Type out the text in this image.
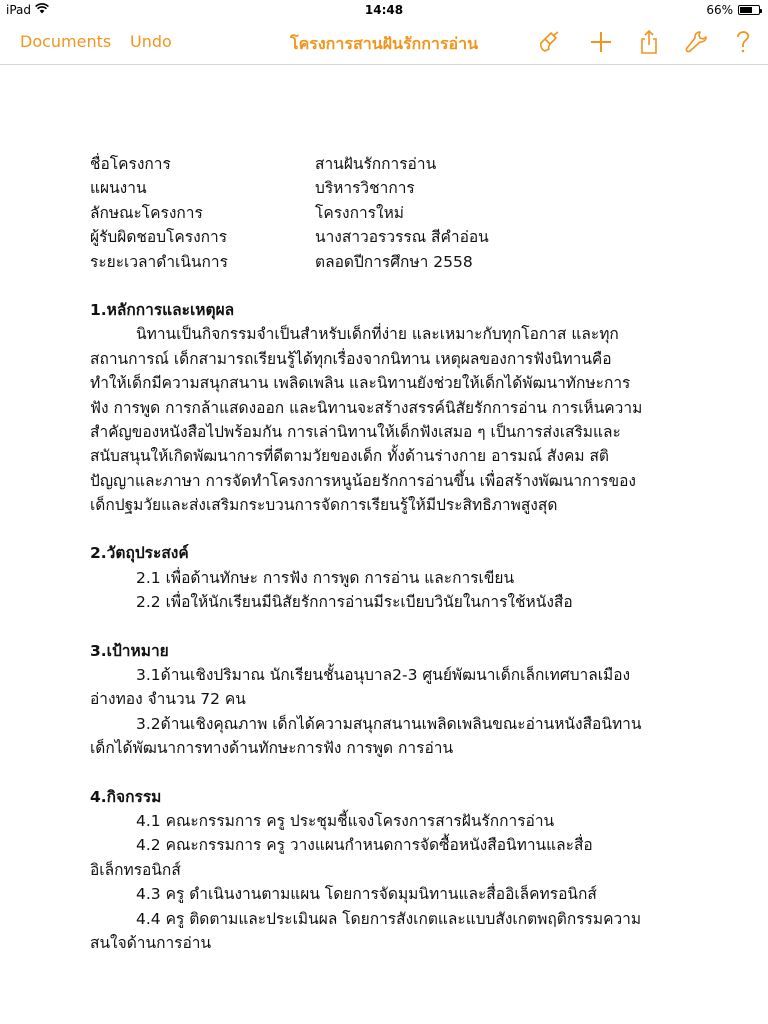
iPad	14:48	66%
Documents Undo	โครงการสานฝันรักการอ่าน
ชื่อโครงการ	สานฝันรักการอ่าน
แผนงาน	บริหารวิชาการ
ลักษณะโครงการ	โครงการใหม่
ผู้รับผิดชอบโครงการ	นางสาวอรวรรณ สีคำอ่อน
ระยะเวลาดำเนินการ	ตลอดปีการศึกษา 2558
1.หลักการและเหตุผล
นิทานเป็นกิจกรรมจำเป็นสำหรับเด็กที่ง่าย และเหมาะกับทุกโอกาส และทุก
สถานการณ์ เด็กสามารถเรียนรู้ได้ทุกเรื่องจากนิทาน เหตุผลของการฟังนิทานคือ
ทำให้เด็กมีความสนุกสนาน เพลิดเพลิน และนิทานยังช่วยให้เด็กได้พัฒนาทักษะการ
ฟัง การพูด การกล้าแสดงออก และนิทานจะสร้างสรรค์นิสัยรักการอ่าน การเห็นความ
สำคัญของหนังสือไปพร้อมกัน การเล่านิทานให้เด็กฟังเสมอ ๆ เป็นการส่งเสริมและ
สนับสนุนให้เกิดพัฒนาการที่ดีตามวัยของเด็ก ทั้งด้านร่างกาย อารมณ์ สังคม สติ
ปัญญาและภาษา การจัดทำโครงการหนูน้อยรักการอ่านขึ้น เพื่อสร้างพัฒนาการของ
เด็กปฐมวัยและส่งเสริมกระบวนการจัดการเรียนรู้ให้มีประสิทธิภาพสูงสุด
2.วัตถุประสงค์
2.1 เพื่อด้านทักษะ การฟัง การพูด การอ่าน และการเขียน
2.2 เพื่อให้นักเรียนมีนิสัยรักการอ่านมีระเบียบวินัยในการใช้หนังสือ
3.เป้าหมาย
3.1ด้านเชิงปริมาณ นักเรียนชั้นอนุบาล2-3 ศูนย์พัฒนาเด็กเล็กเทศบาลเมือง
อ่างทอง จำนวน 72 คน
3.2ด้านเชิงคุณภาพ เด็กได้ความสนุกสนานเพลิดเพลินขณะอ่านหนังสือนิทาน
เด็กได้พัฒนาการทางด้านทักษะการฟัง การพูด การอ่าน
4.กิจกรรม
4.1 คณะกรรมการ ครู ประชุมชี้แจงโครงการสารฝันรักการอ่าน
4.2 คณะกรรมการ ครู วางแผนกำหนดการจัดซื้อหนังสือนิทานและสื่อ
อิเล็กทรอนิกส์
4.3 ครู ดำเนินงานตามแผน โดยการจัดมุมนิทานและสื่ออิเล็คทรอนิกส์
4.4 ครู ติดตามและประเมินผล โดยการสังเกตและแบบสังเกตพฤติกรรมความ
สนใจด้านการอ่าน
